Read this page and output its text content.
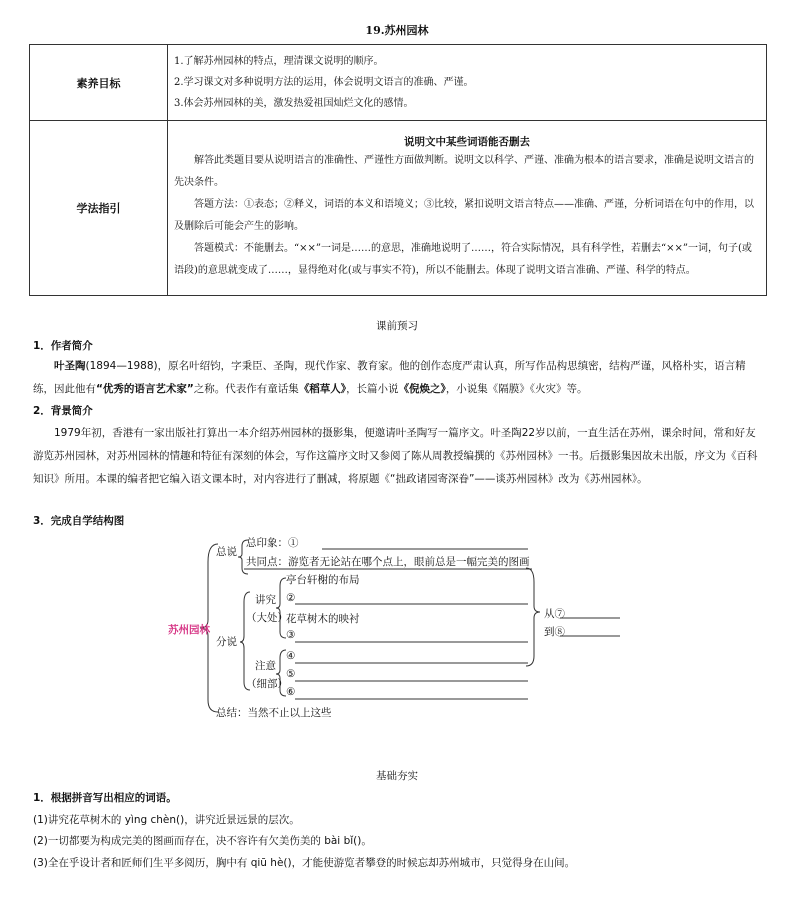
19.苏州园林
素养目标	1.了解苏州园林的特点，理清课文说明的顺序。
2.学习课文对多种说明方法的运用，体会说明文语言的准确、严谨。
3.体会苏州园林的美，激发热爱祖国灿烂文化的感情。

学法指引	说明文中某些词语能否删去
解答此类题目要从说明语言的准确性、严谨性方面做判断。说明文以科学、严谨、准确为根本的语言要求，准确是说明文语言的先决条件。
答题方法：①表态；②释义，词语的本义和语境义；③比较，紧扣说明文语言特点——准确、严谨，分析词语在句中的作用，以及删除后可能会产生的影响。
答题模式：不能删去。“××”一词是……的意思，准确地说明了……，符合实际情况，具有科学性，若删去“××”一词，句子(或语段)的意思就变成了……，显得绝对化(或与事实不符)，所以不能删去。体现了说明文语言准确、严谨、科学的特点。
课前预习
1．作者简介
叶圣陶(1894—1988)，原名叶绍钧，字秉臣、圣陶，现代作家、教育家。他的创作态度严肃认真，所写作品构思缜密，结构严谨，风格朴实，语言精练，因此他有“优秀的语言艺术家”之称。代表作有童话集《稻草人》，长篇小说《倪焕之》，小说集《隔膜》《火灾》等。
2．背景简介
1979年初，香港有一家出版社打算出一本介绍苏州园林的摄影集，便邀请叶圣陶写一篇序文。叶圣陶22岁以前，一直生活在苏州，课余时间，常和好友游览苏州园林，对苏州园林的情趣和特征有深刻的体会，写作这篇序文时又参阅了陈从周教授编撰的《苏州园林》一书。后摄影集因故未出版，序文为《百科知识》所用。本课的编者把它编入语文课本时，对内容进行了删减，将原题《“拙政诸园寄深眷”——谈苏州园林》改为《苏州园林》。
3．完成自学结构图
苏州园林
总说
总印象：①
共同点：游览者无论站在哪个点上，眼前总是一幅完美的图画
分说
讲究
（大处）
亭台轩榭的布局
②
花草树木的映衬
③
注意
（细部）
④
⑤
⑥
总结：当然不止以上这些
从⑦
到⑧
基础夯实
1．根据拼音写出相应的词语。
(1)讲究花草树木的 yìng chèn()，讲究近景远景的层次。
(2)一切都要为构成完美的图画而存在，决不容许有欠美伤美的 bài bǐ()。
(3)全在乎设计者和匠师们生平多阅历，胸中有 qiū hè()，才能使游览者攀登的时候忘却苏州城市，只觉得身在山间。
